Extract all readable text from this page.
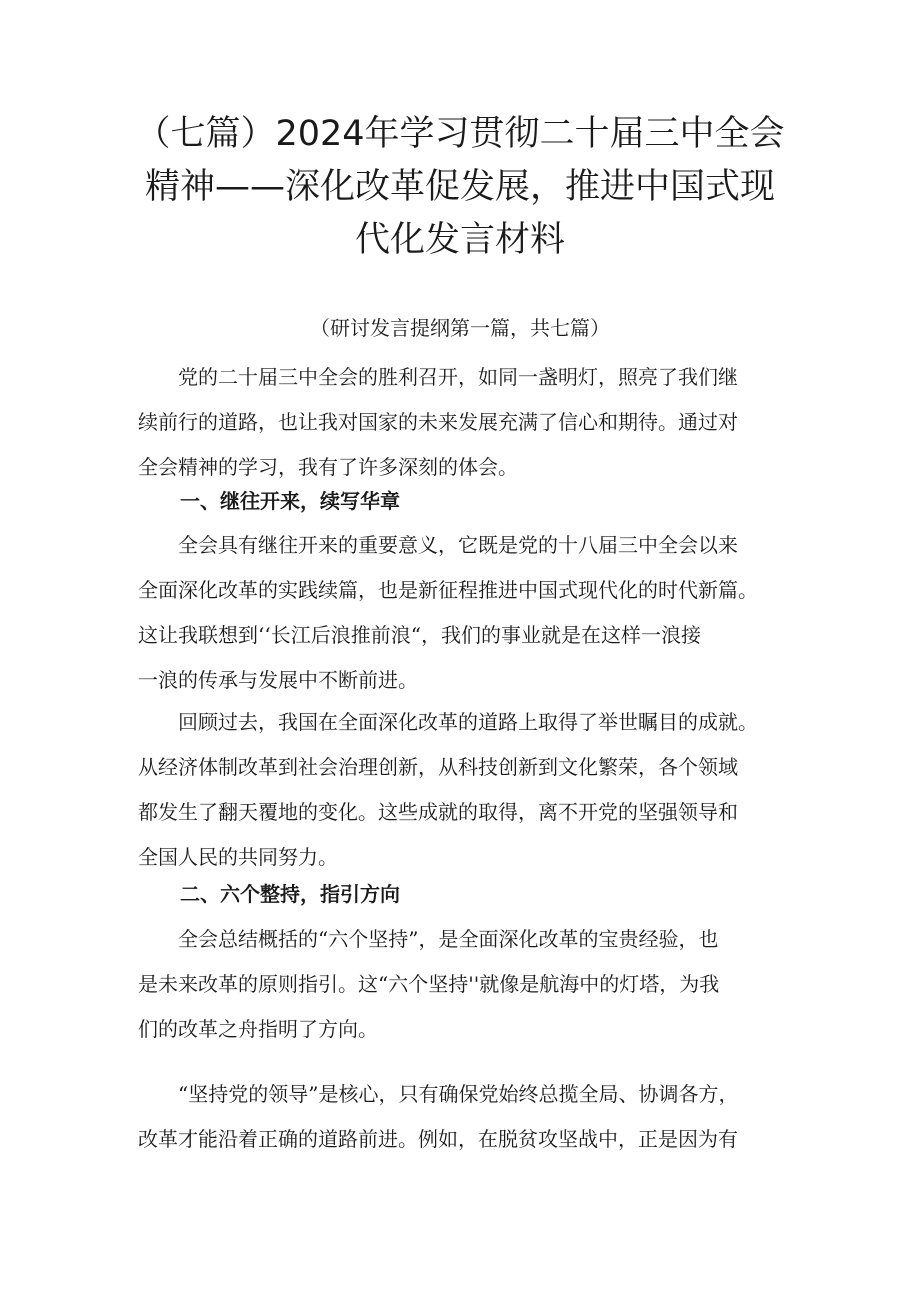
（七篇）2024年学习贯彻二十届三中全会
精神——深化改革促发展，推进中国式现
代化发言材料
（研讨发言提纲第一篇，共七篇）

　　党的二十届三中全会的胜利召开，如同一盏明灯，照亮了我们继
续前行的道路，也让我对国家的未来发展充满了信心和期待。通过对
全会精神的学习，我有了许多深刻的体会。

一、继往开来，续写华章

　　全会具有继往开来的重要意义，它既是党的十八届三中全会以来
全面深化改革的实践续篇，也是新征程推进中国式现代化的时代新篇。
这让我联想到‘‘长江后浪推前浪“，我们的事业就是在这样一浪接
一浪的传承与发展中不断前进。

　　回顾过去，我国在全面深化改革的道路上取得了举世瞩目的成就。
从经济体制改革到社会治理创新，从科技创新到文化繁荣，各个领域
都发生了翻天覆地的变化。这些成就的取得，离不开党的坚强领导和
全国人民的共同努力。

二、六个整持，指引方向

　　全会总结概括的“六个坚持”，是全面深化改革的宝贵经验，也
是未来改革的原则指引。这“六个坚持''就像是航海中的灯塔，为我
们的改革之舟指明了方向。

　　“坚持党的领导”是核心，只有确保党始终总揽全局、协调各方，
改革才能沿着正确的道路前进。例如，在脱贫攻坚战中，正是因为有
